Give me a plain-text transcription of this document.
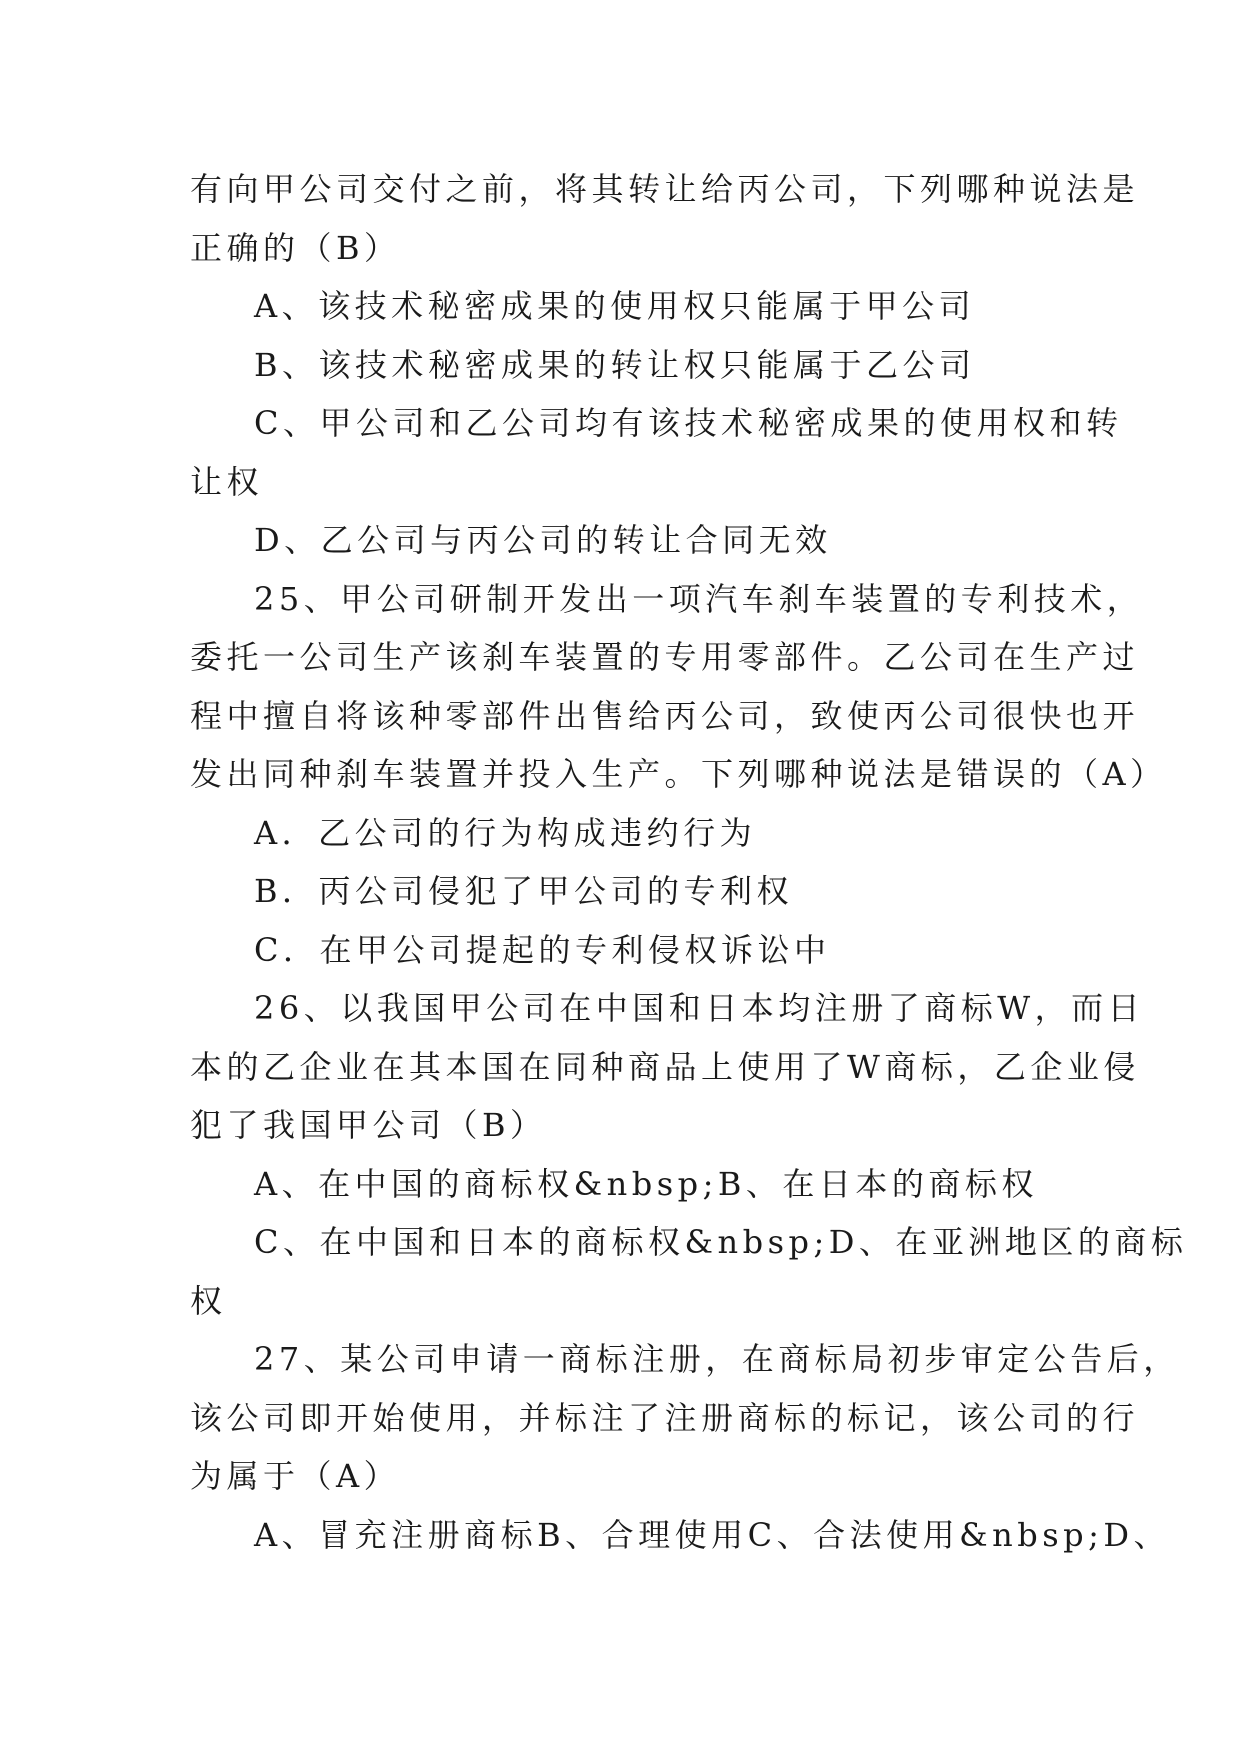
有向甲公司交付之前，将其转让给丙公司，下列哪种说法是
正确的（B）
A、该技术秘密成果的使用权只能属于甲公司
B、该技术秘密成果的转让权只能属于乙公司
C、甲公司和乙公司均有该技术秘密成果的使用权和转
让权
D、乙公司与丙公司的转让合同无效
25、甲公司研制开发出一项汽车刹车装置的专利技术，
委托一公司生产该刹车装置的专用零部件。乙公司在生产过
程中擅自将该种零部件出售给丙公司，致使丙公司很快也开
发出同种刹车装置并投入生产。下列哪种说法是错误的（A）
A．乙公司的行为构成违约行为
B．丙公司侵犯了甲公司的专利权
C．在甲公司提起的专利侵权诉讼中
26、以我国甲公司在中国和日本均注册了商标W，而日
本的乙企业在其本国在同种商品上使用了W商标，乙企业侵
犯了我国甲公司（B）
A、在中国的商标权&nbsp;B、在日本的商标权
C、在中国和日本的商标权&nbsp;D、在亚洲地区的商标
权
27、某公司申请一商标注册，在商标局初步审定公告后，
该公司即开始使用，并标注了注册商标的标记，该公司的行
为属于（A）
A、冒充注册商标B、合理使用C、合法使用&nbsp;D、
